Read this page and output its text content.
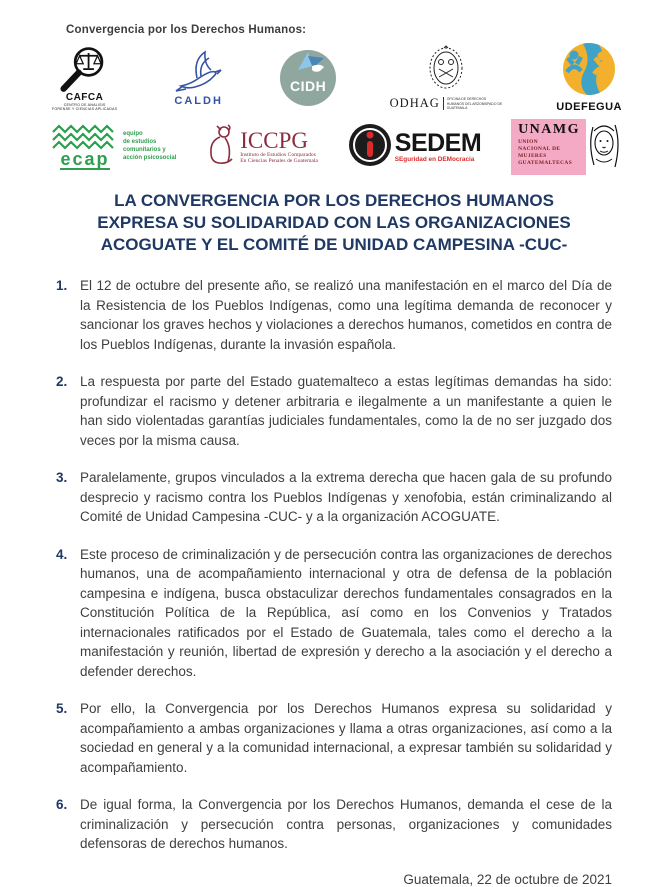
Convergencia por los Derechos Humanos:
CAFCA
CENTRO DE ANALISIS
FORENSE Y CIENCIAS APLICADAS
CALDH
CIDH
ODHAG OFICINA DE DERECHOS HUMANOS DEL ARZOBISPADO DE GUATEMALA	UDEFEGUA
ecap
equipo
de estudios
comunitarios y
acción psicosocial
ICCPG
Instituto de Estudios Comparados
En Ciencias Penales de Guatemala
SEDEM
SEguridad en DEMocracia
UNAMG
UNION
NACIONAL DE
MUJERES
GUATEMALTECAS
LA CONVERGENCIA POR LOS DERECHOS HUMANOS
EXPRESA SU SOLIDARIDAD CON LAS ORGANIZACIONES
ACOGUATE Y EL COMITÉ DE UNIDAD CAMPESINA -CUC-
1. El 12 de octubre del presente año, se realizó una manifestación en el marco del Día de la Resistencia de los Pueblos Indígenas, como una legítima demanda de reconocer y sancionar los graves hechos y violaciones a derechos humanos, cometidos en contra de los Pueblos Indígenas, durante la invasión española.
2. La respuesta por parte del Estado guatemalteco a estas legítimas demandas ha sido: profundizar el racismo y detener arbitraria e ilegalmente a un manifestante a quien le han sido violentadas garantías judiciales fundamentales, como la de no ser juzgado dos veces por la misma causa.
3. Paralelamente, grupos vinculados a la extrema derecha que hacen gala de su profundo desprecio y racismo contra los Pueblos Indígenas y xenofobia, están criminalizando al Comité de Unidad Campesina -CUC- y a la organización ACOGUATE.
4. Este proceso de criminalización y de persecución contra las organizaciones de derechos humanos, una de acompañamiento internacional y otra de defensa de la población campesina e indígena, busca obstaculizar derechos fundamentales consagrados en la Constitución Política de la República, así como en los Convenios y Tratados internacionales ratificados por el Estado de Guatemala, tales como el derecho a la manifestación y reunión, libertad de expresión y derecho a la asociación y el derecho a defender derechos.
5. Por ello, la Convergencia por los Derechos Humanos expresa su solidaridad y acompañamiento a ambas organizaciones y llama a otras organizaciones, así como a la sociedad en general y a la comunidad internacional, a expresar también su solidaridad y acompañamiento.
6. De igual forma, la Convergencia por los Derechos Humanos, demanda el cese de la criminalización y persecución contra personas, organizaciones y comunidades defensoras de derechos humanos.
Guatemala, 22 de octubre de 2021
